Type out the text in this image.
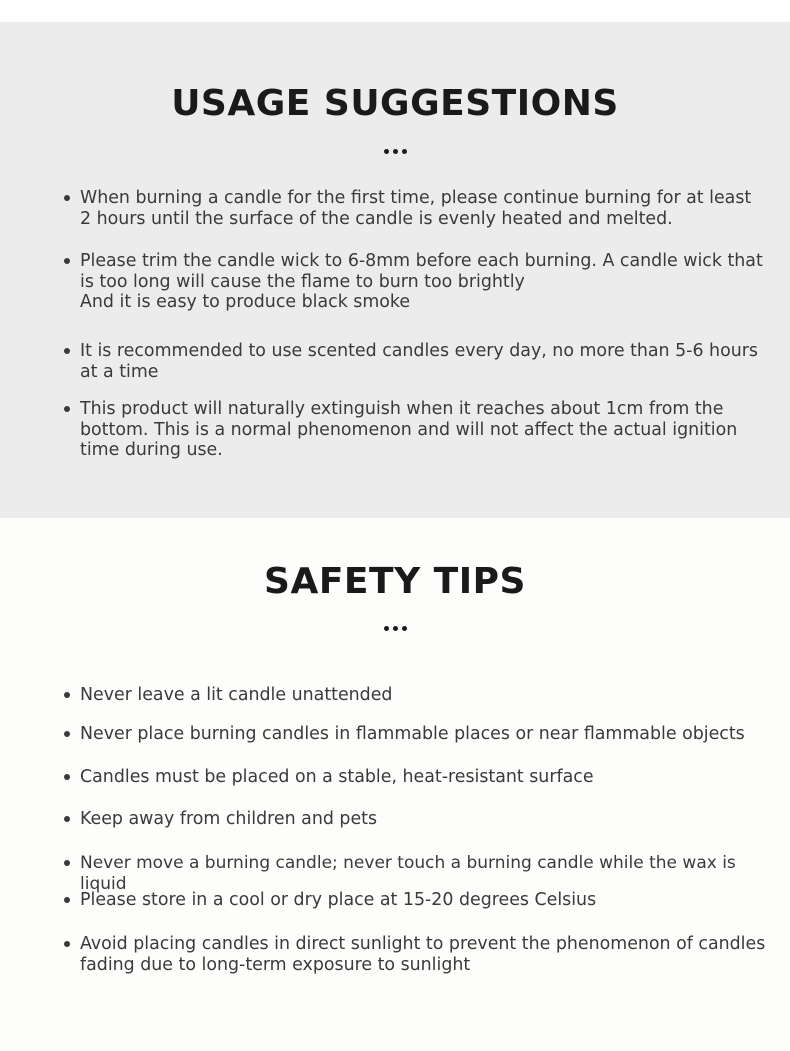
USAGE SUGGESTIONS
When burning a candle for the first time, please continue burning for at least
2 hours until the surface of the candle is evenly heated and melted.
Please trim the candle wick to 6-8mm before each burning. A candle wick that
is too long will cause the flame to burn too brightly
And it is easy to produce black smoke
It is recommended to use scented candles every day, no more than 5-6 hours
at a time
This product will naturally extinguish when it reaches about 1cm from the
bottom. This is a normal phenomenon and will not affect the actual ignition
time during use.
SAFETY TIPS
Never leave a lit candle unattended
Never place burning candles in flammable places or near flammable objects
Candles must be placed on a stable, heat-resistant surface
Keep away from children and pets
Never move a burning candle; never touch a burning candle while the wax is liquid
Please store in a cool or dry place at 15-20 degrees Celsius
Avoid placing candles in direct sunlight to prevent the phenomenon of candles
fading due to long-term exposure to sunlight
